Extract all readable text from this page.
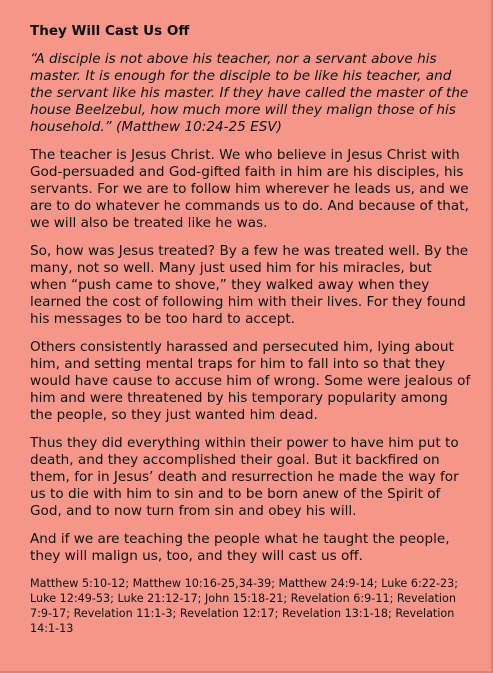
They Will Cast Us Off
“A disciple is not above his teacher, nor a servant above his master. It is enough for the disciple to be like his teacher, and the servant like his master. If they have called the master of the house Beelzebul, how much more will they malign those of his household.” (Matthew 10:24-25 ESV)
The teacher is Jesus Christ. We who believe in Jesus Christ with God-persuaded and God-gifted faith in him are his disciples, his servants. For we are to follow him wherever he leads us, and we are to do whatever he commands us to do. And because of that, we will also be treated like he was.
So, how was Jesus treated? By a few he was treated well. By the many, not so well. Many just used him for his miracles, but when “push came to shove,” they walked away when they learned the cost of following him with their lives. For they found his messages to be too hard to accept.
Others consistently harassed and persecuted him, lying about him, and setting mental traps for him to fall into so that they would have cause to accuse him of wrong. Some were jealous of him and were threatened by his temporary popularity among the people, so they just wanted him dead.
Thus they did everything within their power to have him put to death, and they accomplished their goal. But it backfired on them, for in Jesus’ death and resurrection he made the way for us to die with him to sin and to be born anew of the Spirit of God, and to now turn from sin and obey his will.
And if we are teaching the people what he taught the people, they will malign us, too, and they will cast us off.
Matthew 5:10-12; Matthew 10:16-25,34-39; Matthew 24:9-14; Luke 6:22-23; Luke 12:49-53; Luke 21:12-17; John 15:18-21; Revelation 6:9-11; Revelation 7:9-17; Revelation 11:1-3; Revelation 12:17; Revelation 13:1-18; Revelation 14:1-13
